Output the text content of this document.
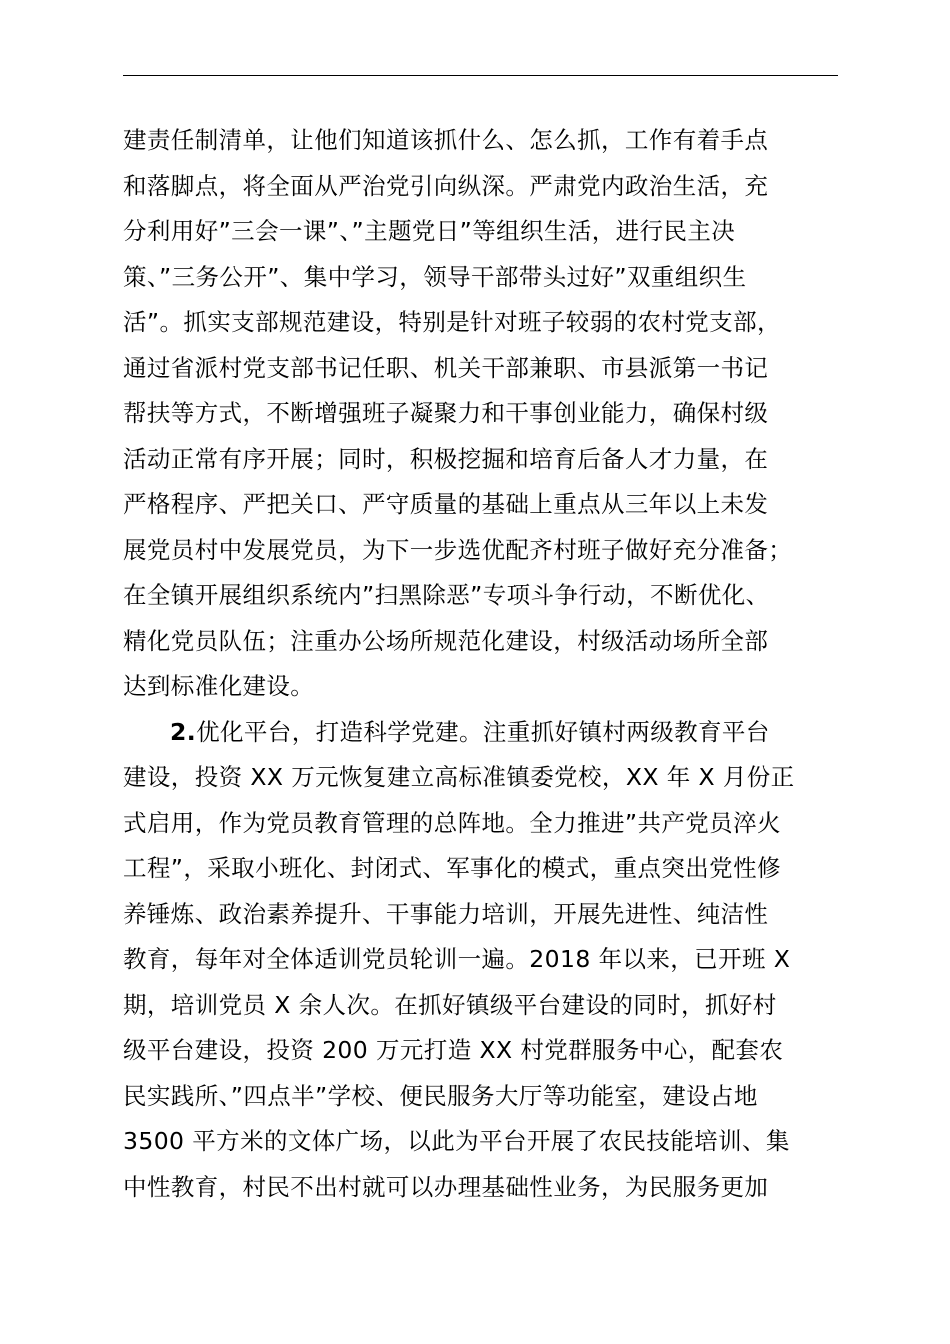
建责任制清单，让他们知道该抓什么、怎么抓，工作有着手点
和落脚点，将全面从严治党引向纵深。严肃党内政治生活，充
分利用好”三会一课”、”主题党日”等组织生活，进行民主决
策、”三务公开”、集中学习，领导干部带头过好”双重组织生
活”。抓实支部规范建设，特别是针对班子较弱的农村党支部，
通过省派村党支部书记任职、机关干部兼职、市县派第一书记
帮扶等方式，不断增强班子凝聚力和干事创业能力，确保村级
活动正常有序开展；同时，积极挖掘和培育后备人才力量，在
严格程序、严把关口、严守质量的基础上重点从三年以上未发
展党员村中发展党员，为下一步选优配齐村班子做好充分准备；
在全镇开展组织系统内”扫黑除恶”专项斗争行动，不断优化、
精化党员队伍；注重办公场所规范化建设，村级活动场所全部
达到标准化建设。
2.优化平台，打造科学党建。注重抓好镇村两级教育平台
建设，投资 XX 万元恢复建立高标准镇委党校，XX 年 X 月份正
式启用，作为党员教育管理的总阵地。全力推进”共产党员淬火
工程”，采取小班化、封闭式、军事化的模式，重点突出党性修
养锤炼、政治素养提升、干事能力培训，开展先进性、纯洁性
教育，每年对全体适训党员轮训一遍。2018 年以来，已开班 X
期，培训党员 X 余人次。在抓好镇级平台建设的同时，抓好村
级平台建设，投资 200 万元打造 XX 村党群服务中心，配套农
民实践所、”四点半”学校、便民服务大厅等功能室，建设占地
3500 平方米的文体广场，以此为平台开展了农民技能培训、集
中性教育，村民不出村就可以办理基础性业务，为民服务更加
